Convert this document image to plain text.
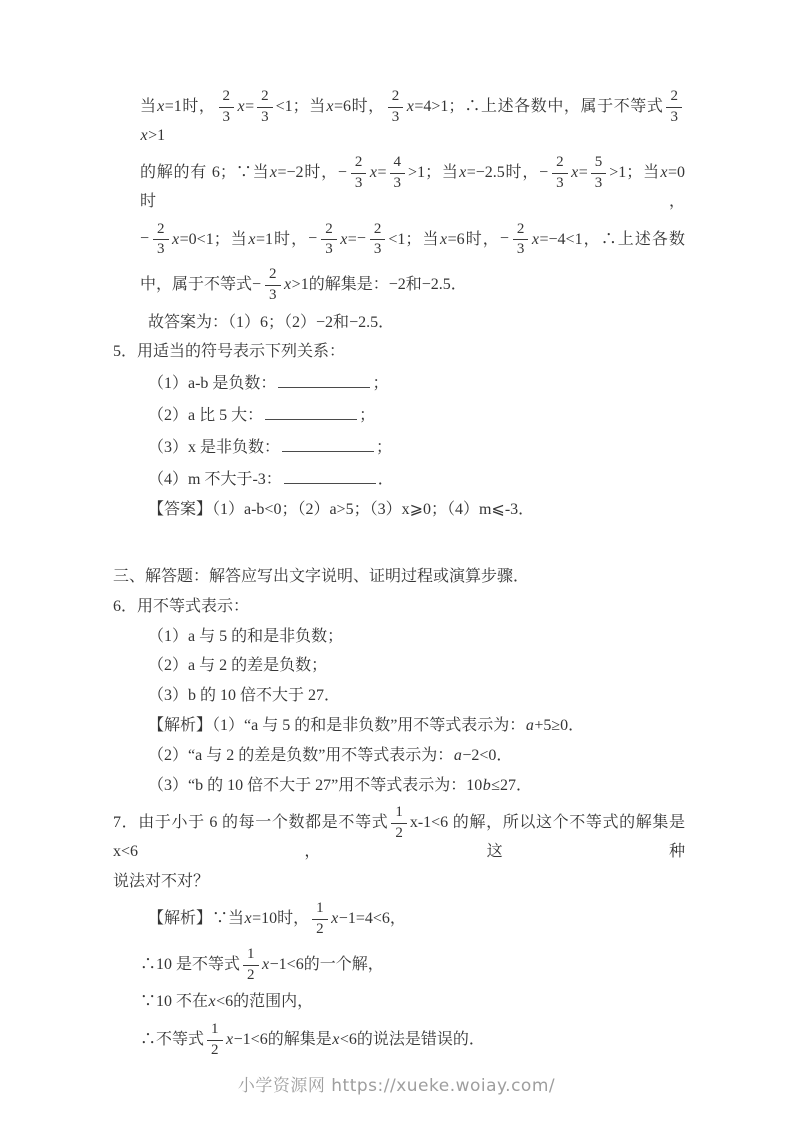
当x=1时， $\frac{2}{3} x= \frac{2}{3} <1$；当x=6时， $\frac{2}{3} x=4>1$；∴上述各数中，属于不等式 $\frac{2}{3}$
x>1
的解的有 6；∵当x=−2时，− $\frac{2}{3} x= \frac{4}{3} >1$；当x=−2.5时，− $\frac{2}{3} x= \frac{5}{3} >1$；当x=0时，
− $\frac{2}{3} x=0<1$；当x=1时，− $\frac{2}{3} x=- \frac{2}{3} <1$；当x=6时，− $\frac{2}{3} x=-4<1$，∴上述各数
中，属于不等式− $\frac{2}{3} x>1$的解集是：−2和−2.5．
故答案为：（1）6；（2）−2和−2.5．
5．用适当的符号表示下列关系：
（1）a-b 是负数：	；
（2）a 比 5 大：	；
（3）x 是非负数：	；
（4）m 不大于-3：	．
【答案】（1）a-b<0；（2）a>5；（3）x⩾0；（4）m⩽-3．
三、解答题：解答应写出文字说明、证明过程或演算步骤．
6．用不等式表示：
（1）a 与 5 的和是非负数；
（2）a 与 2 的差是负数；
（3）b 的 10 倍不大于 27．
【解析】（1）“a 与 5 的和是非负数”用不等式表示为：a+5≥0．
（2）“a 与 2 的差是负数”用不等式表示为：a−2<0．
（3）“b 的 10 倍不大于 27”用不等式表示为：10b≤27．
7．由于小于 6 的每一个数都是不等式 $\frac{1}{2} x-1<6$ 的解，所以这个不等式的解集是 x<6，这种
说法对不对？
【解析】∵当x=10时， $\frac{1}{2} x-1=4<6$，
∴10 是不等式 $\frac{1}{2} x-1<6$的一个解，
∵10 不在x<6的范围内，
∴不等式 $\frac{1}{2} x-1<6$的解集是x<6的说法是错误的．
小学资源网 https://xueke.woiay.com/
